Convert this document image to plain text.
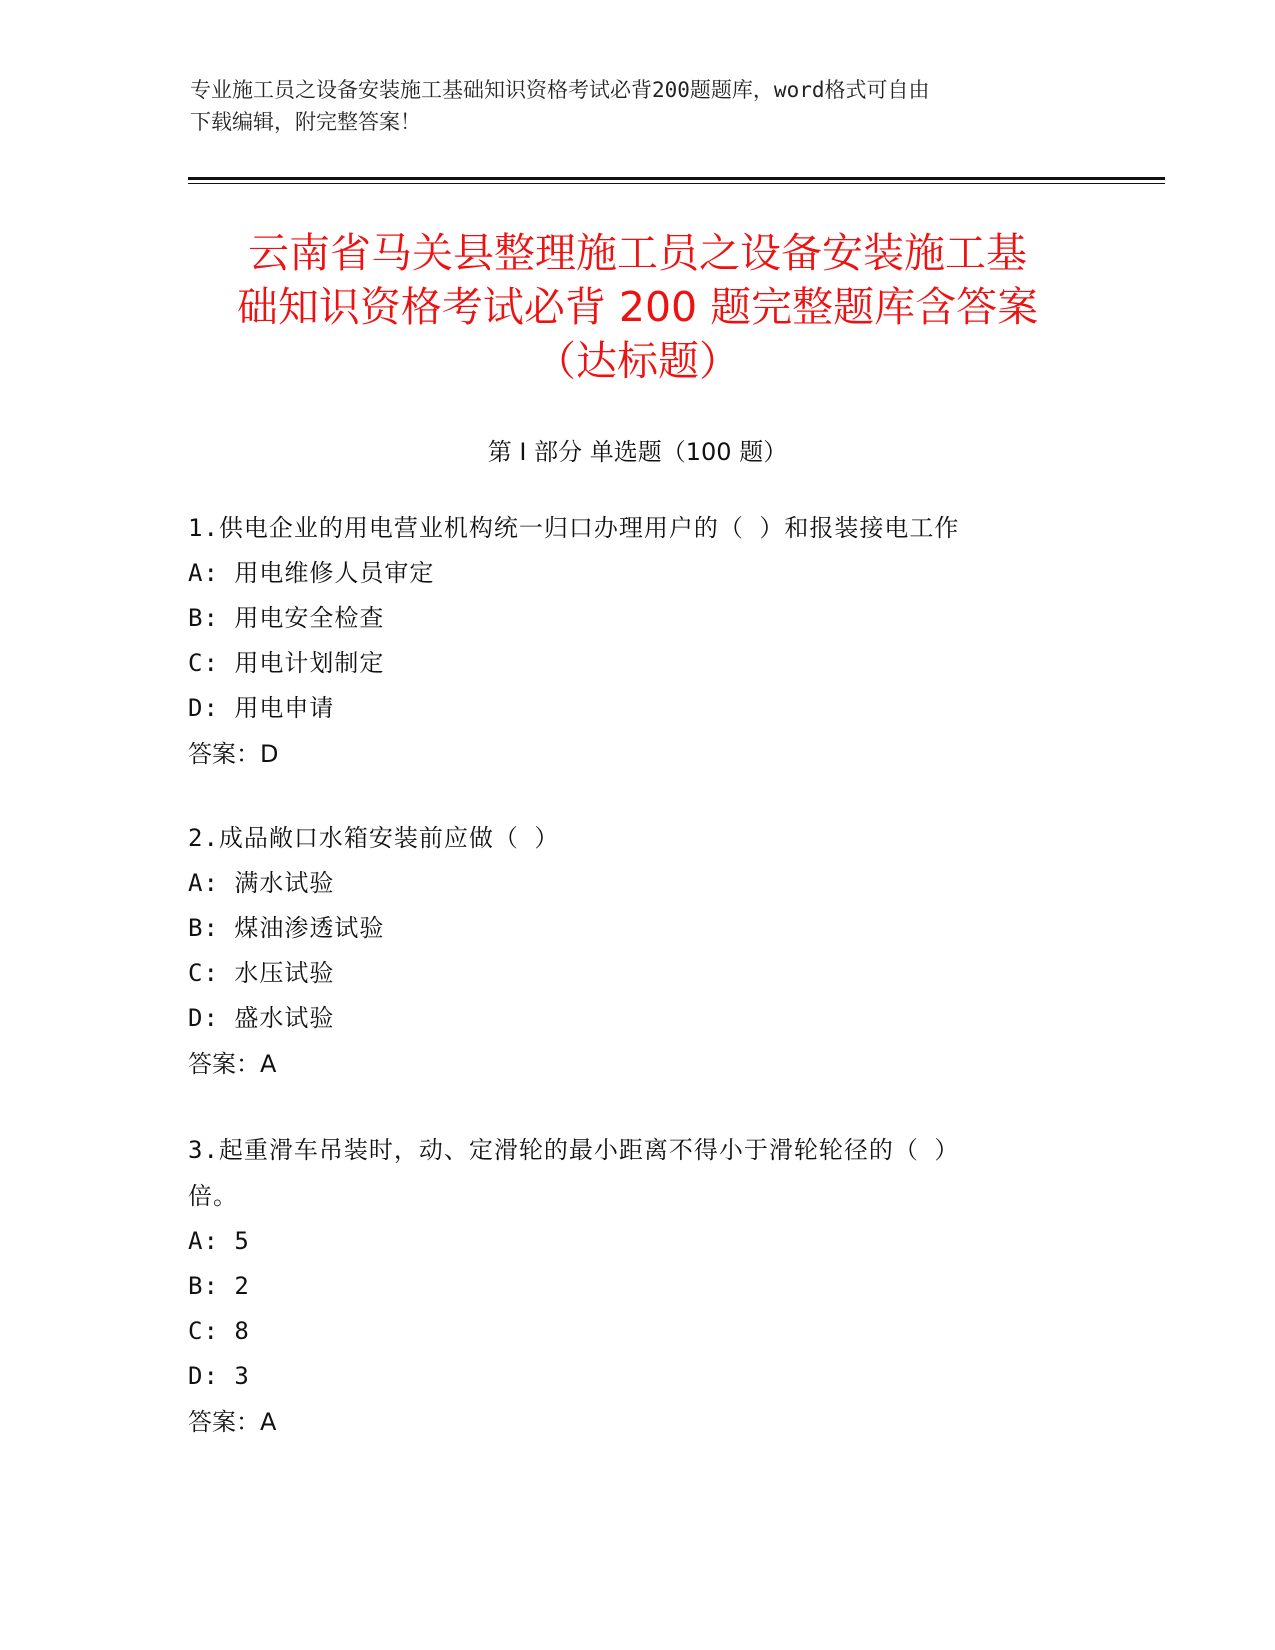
专业施工员之设备安装施工基础知识资格考试必背200题题库，word格式可自由
下载编辑，附完整答案！
云南省马关县整理施工员之设备安装施工基
础知识资格考试必背 200 题完整题库含答案
（达标题）
第 I 部分 单选题（100 题）

1.供电企业的用电营业机构统一归口办理用户的（ ）和报装接电工作

A: 用电维修人员审定

B: 用电安全检查

C: 用电计划制定

D: 用电申请

答案：D

2.成品敞口水箱安装前应做（ ）

A: 满水试验

B: 煤油渗透试验

C: 水压试验

D: 盛水试验

答案：A

3.起重滑车吊装时，动、定滑轮的最小距离不得小于滑轮轮径的（ ）
倍。

A: 5

B: 2

C: 8

D: 3

答案：A
